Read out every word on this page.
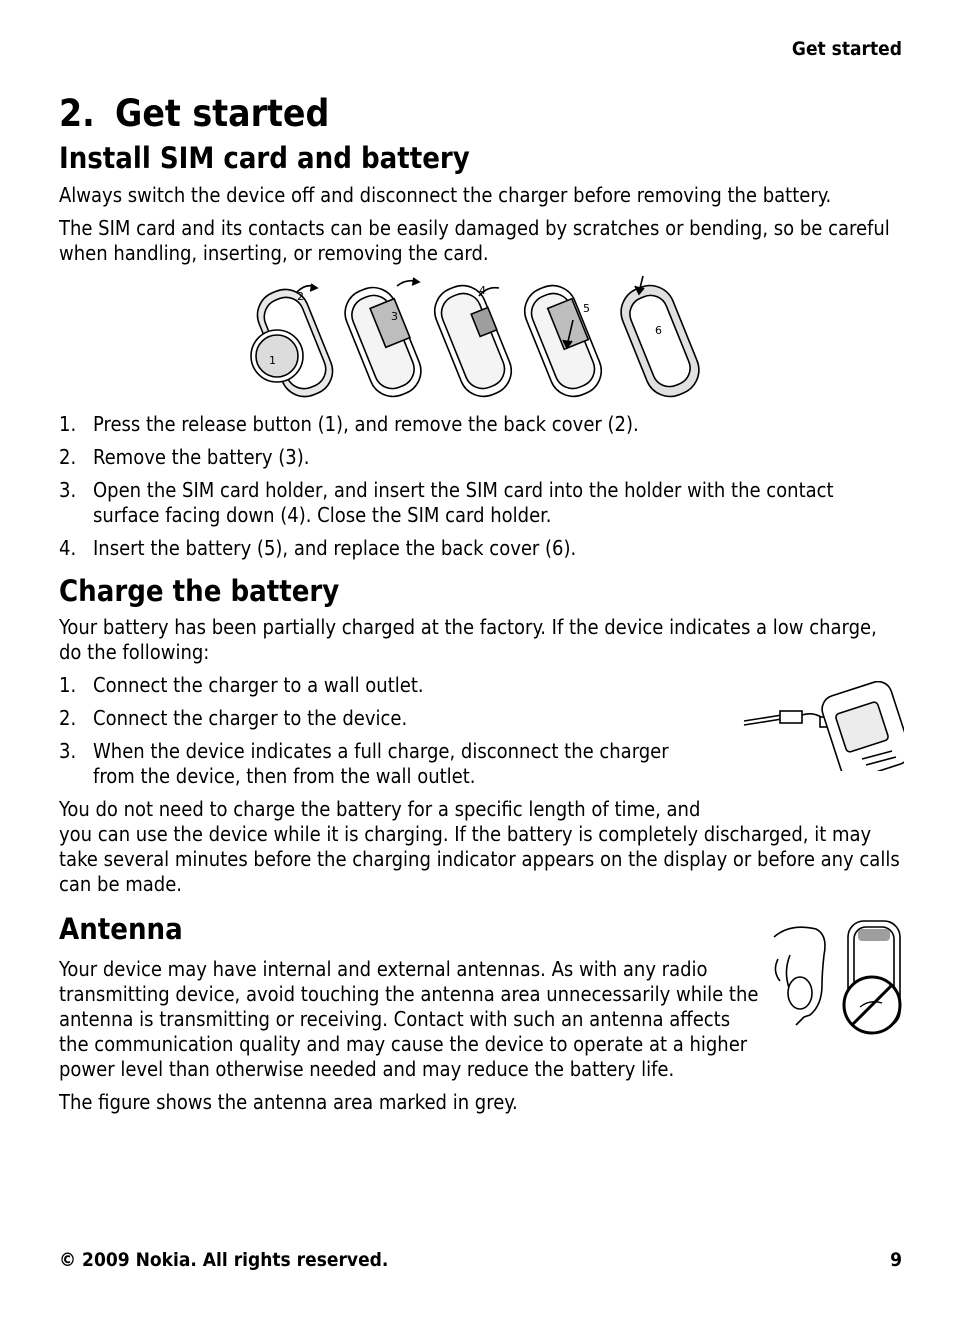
Get started
2. Get started
Install SIM card and battery

Always switch the device off and disconnect the charger before removing the battery.

The SIM card and its contacts can be easily damaged by scratches or bending, so be careful when handling, inserting, or removing the card.

1
2
3
4
5
6
1. Press the release button (1), and remove the back cover (2).
2. Remove the battery (3).
3. Open the SIM card holder, and insert the SIM card into the holder with the contact surface facing down (4). Close the SIM card holder.
4. Insert the battery (5), and replace the back cover (6).
Charge the battery

Your battery has been partially charged at the factory. If the device indicates a low charge, do the following:

1. Connect the charger to a wall outlet.
2. Connect the charger to the device.
3. When the device indicates a full charge, disconnect the charger from the device, then from the wall outlet.

You do not need to charge the battery for a specific length of time, and

you can use the device while it is charging. If the battery is completely discharged, it may take several minutes before the charging indicator appears on the display or before any calls can be made.

Antenna

Your device may have internal and external antennas. As with any radio transmitting device, avoid touching the antenna area unnecessarily while the antenna is transmitting or receiving. Contact with such an antenna affects the communication quality and may cause the device to operate at a higher power level than otherwise needed and may reduce the battery life.

The figure shows the antenna area marked in grey.

© 2009 Nokia. All rights reserved.	9
